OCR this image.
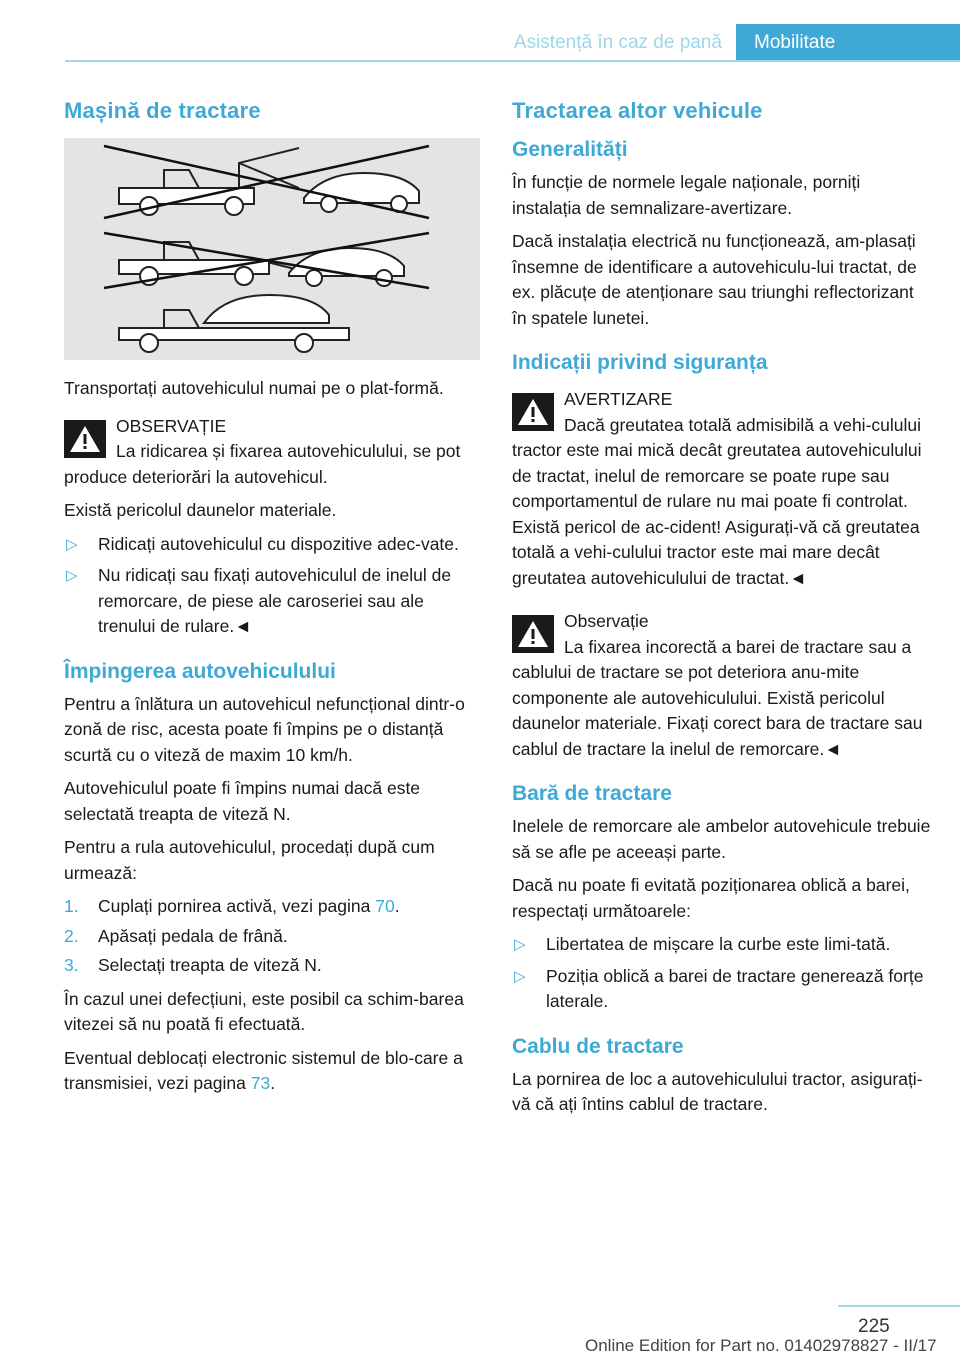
Asistență în caz de pană	Mobilitate
Mașină de tractare

Transportați autovehiculul numai pe o plat-formă.

OBSERVAȚIE

La ridicarea și fixarea autovehiculului, se pot produce deteriorări la autovehicul.

Există pericolul daunelor materiale.

▷ Ridicați autovehiculul cu dispozitive adec-vate.
▷ Nu ridicați sau fixați autovehiculul de inelul de remorcare, de piese ale caroseriei sau ale trenului de rulare.◄
Împingerea autovehiculului

Pentru a înlătura un autovehicul nefuncțional dintr-o zonă de risc, acesta poate fi împins pe o distanță scurtă cu o viteză de maxim 10 km/h.

Autovehiculul poate fi împins numai dacă este selectată treapta de viteză N.

Pentru a rula autovehiculul, procedați după cum urmează:

1. Cuplați pornirea activă, vezi pagina 70.
2. Apăsați pedala de frână.
3. Selectați treapta de viteză N.

În cazul unei defecțiuni, este posibil ca schim-barea vitezei să nu poată fi efectuată.

Eventual deblocați electronic sistemul de blo-care a transmisiei, vezi pagina 73.

Tractarea altor vehicule
Generalități

În funcție de normele legale naționale, porniți instalația de semnalizare-avertizare.

Dacă instalația electrică nu funcționează, am-plasați însemne de identificare a autovehiculu-lui tractat, de ex. plăcuțe de atenționare sau triunghi reflectorizant în spatele lunetei.

Indicații privind siguranța
AVERTIZARE

Dacă greutatea totală admisibilă a vehi-culului tractor este mai mică decât greutatea autovehiculului de tractat, inelul de remorcare se poate rupe sau comportamentul de rulare nu mai poate fi controlat. Există pericol de ac-cident! Asigurați-vă că greutatea totală a vehi-culului tractor este mai mare decât greutatea autovehiculului de tractat.◄

Observație

La fixarea incorectă a barei de tractare sau a cablului de tractare se pot deteriora anu-mite componente ale autovehiculului. Există pericolul daunelor materiale. Fixați corect bara de tractare sau cablul de tractare la inelul de remorcare.◄

Bară de tractare

Inelele de remorcare ale ambelor autovehicule trebuie să se afle pe aceeași parte.

Dacă nu poate fi evitată poziționarea oblică a barei, respectați următoarele:

▷ Libertatea de mișcare la curbe este limi-tată.
▷ Poziția oblică a barei de tractare generează forțe laterale.
Cablu de tractare

La pornirea de loc a autovehiculului tractor, asigurați-vă că ați întins cablul de tractare.

225
Online Edition for Part no. 01402978827 - II/17
